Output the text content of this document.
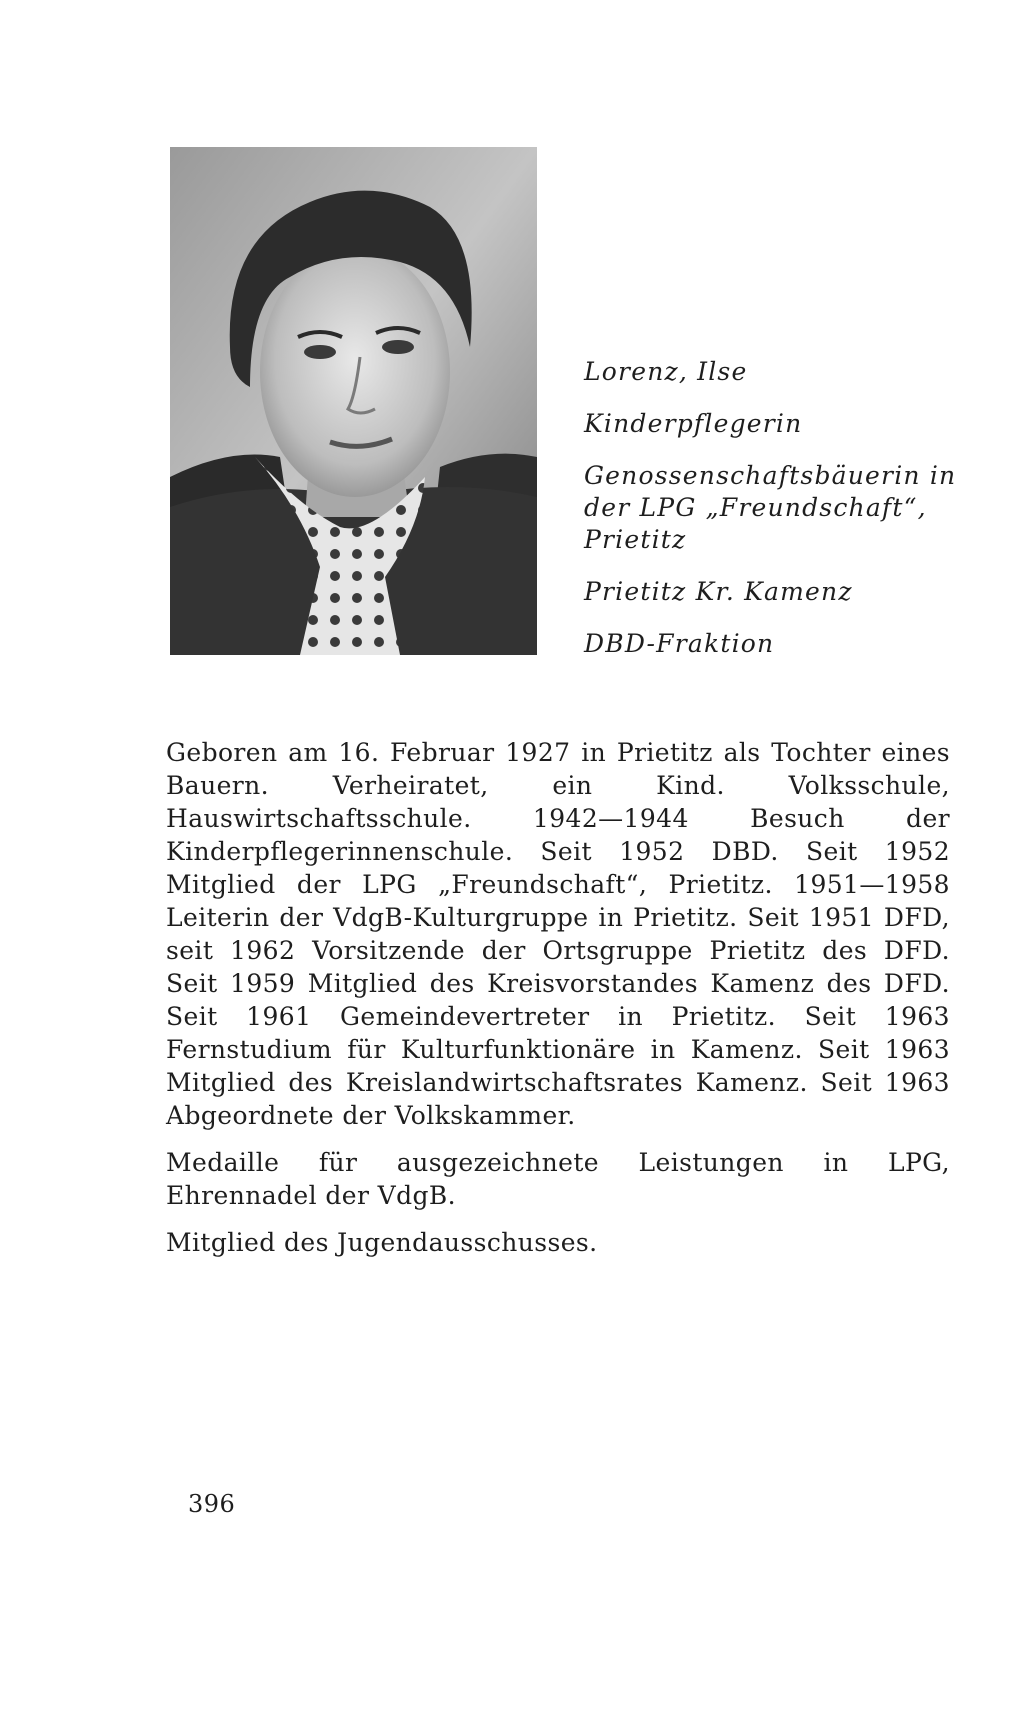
Lorenz, Ilse
Kinderpflegerin
Genossenschaftsbäuerin in
der LPG „Freundschaft“,
Prietitz
Prietitz Kr. Kamenz
DBD-Fraktion

Geboren am 16. Februar 1927 in Prietitz als Tochter eines Bauern. Verheiratet, ein Kind. Volksschule, Hauswirtschaftsschule. 1942—1944 Besuch der Kinderpflegerinnenschule. Seit 1952 DBD. Seit 1952 Mitglied der LPG „Freundschaft“, Prietitz. 1951—1958 Leiterin der VdgB-Kulturgruppe in Prietitz. Seit 1951 DFD, seit 1962 Vorsitzende der Ortsgruppe Prietitz des DFD. Seit 1959 Mitglied des Kreisvorstandes Kamenz des DFD. Seit 1961 Gemeindevertreter in Prietitz. Seit 1963 Fernstudium für Kulturfunktionäre in Kamenz. Seit 1963 Mitglied des Kreislandwirtschaftsrates Kamenz. Seit 1963 Abgeordnete der Volkskammer.

Medaille für ausgezeichnete Leistungen in LPG, Ehrennadel der VdgB.

Mitglied des Jugendausschusses.

396
